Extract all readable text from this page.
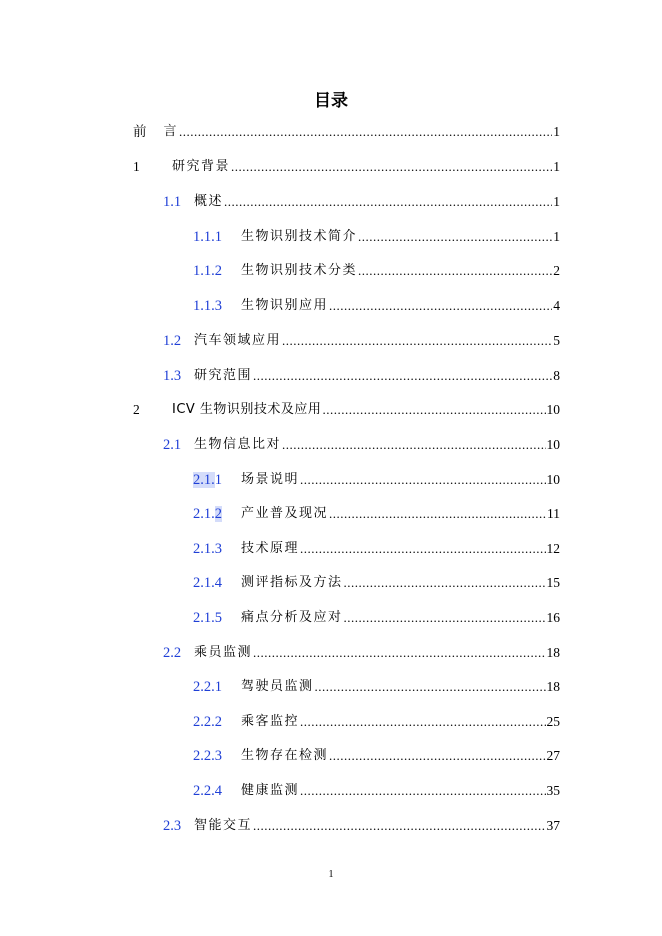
目录
前 言 .....	1
1	研究背景 .....	1
1.1 概述 .....	1
1.1.1	生物识别技术简介 .....	1
1.1.2	生物识别技术分类 .....	2
1.1.3	生物识别应用 .....	4
1.2 汽车领域应用 .....	5
1.3 研究范围 .....	8
2	ICV 生物识别技术及应用 .....	10
2.1 生物信息比对 .....	10
2.1.1	场景说明 .....	10
2.1.2	产业普及现况 .....	11
2.1.3	技术原理 .....	12
2.1.4	测评指标及方法 .....	15
2.1.5	痛点分析及应对 .....	16
2.2 乘员监测 .....	18
2.2.1	驾驶员监测 .....	18
2.2.2	乘客监控 .....	25
2.2.3	生物存在检测 .....	27
2.2.4	健康监测 .....	35
2.3 智能交互 .....	37
1
